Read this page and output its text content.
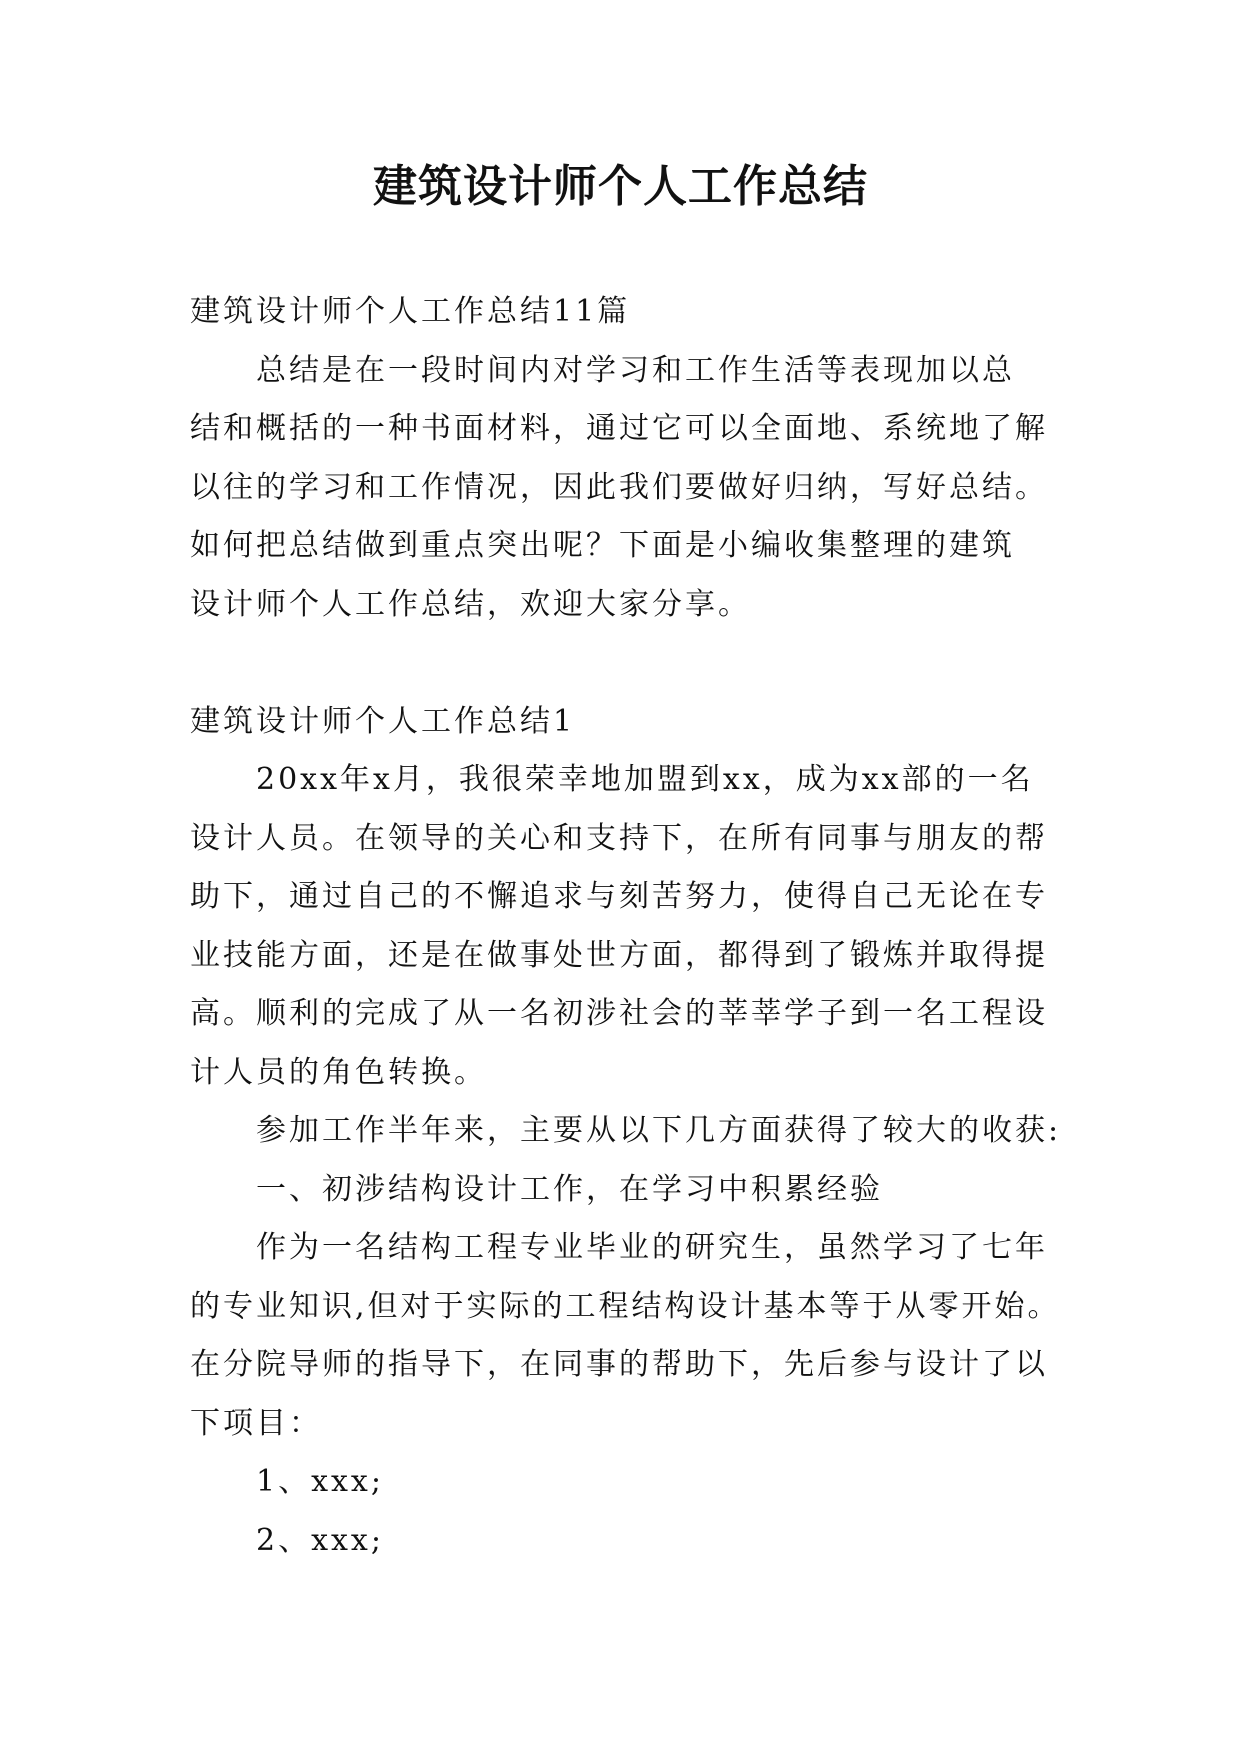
建筑设计师个人工作总结

建筑设计师个人工作总结11篇

总结是在一段时间内对学习和工作生活等表现加以总

结和概括的一种书面材料，通过它可以全面地、系统地了解

以往的学习和工作情况，因此我们要做好归纳，写好总结。

如何把总结做到重点突出呢？下面是小编收集整理的建筑

设计师个人工作总结，欢迎大家分享。

建筑设计师个人工作总结1

20xx年x月，我很荣幸地加盟到xx，成为xx部的一名

设计人员。在领导的关心和支持下，在所有同事与朋友的帮

助下，通过自己的不懈追求与刻苦努力，使得自己无论在专

业技能方面，还是在做事处世方面，都得到了锻炼并取得提

高。顺利的完成了从一名初涉社会的莘莘学子到一名工程设

计人员的角色转换。

参加工作半年来，主要从以下几方面获得了较大的收获:

一、初涉结构设计工作，在学习中积累经验

作为一名结构工程专业毕业的研究生，虽然学习了七年

的专业知识,但对于实际的工程结构设计基本等于从零开始。

在分院导师的指导下，在同事的帮助下，先后参与设计了以

下项目：

1、xxx;

2、xxx;
